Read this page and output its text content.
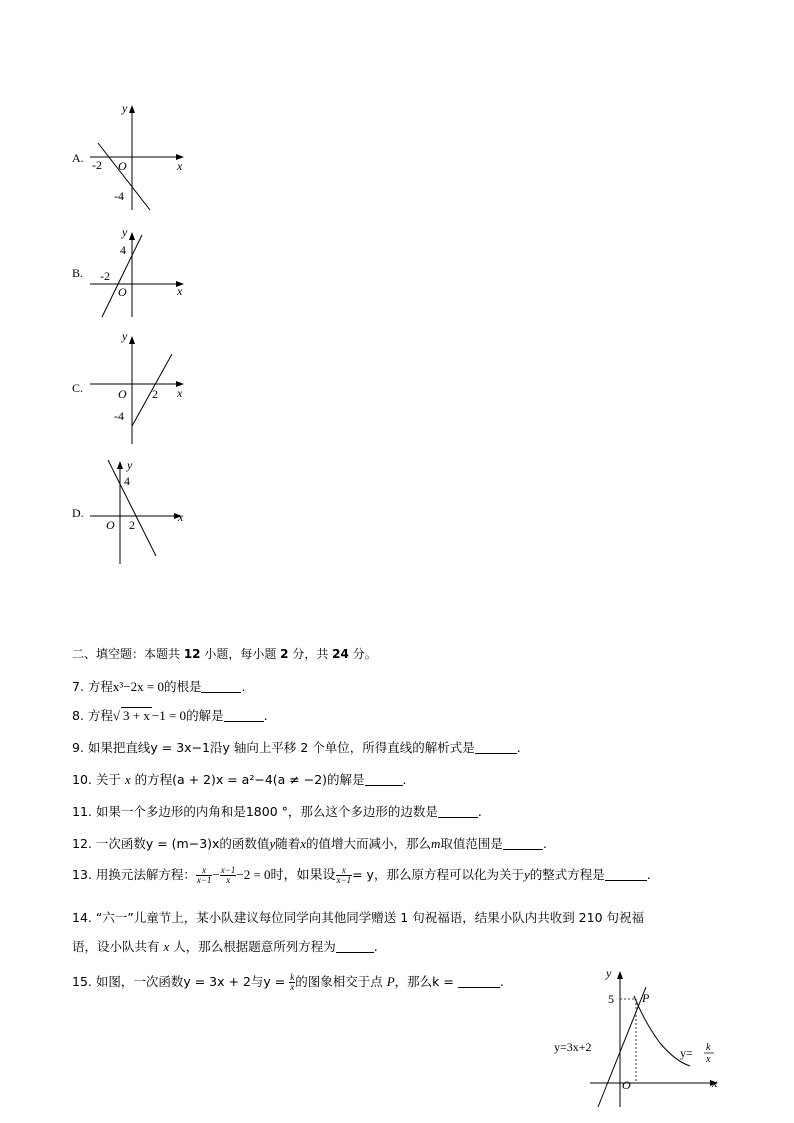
A.
y
x
O
-2
-4
B.
y
x
O
-2
4
C.
y
x
O 2
-4
D.
y
x
O 2
4
二、填空题：本题共 12 小题，每小题 2 分，共 24 分。
7. 方程x³−2x = 0的根是	.
8. 方程√ 3 + x −1 = 0的解是	.
9. 如果把直线y = 3x−1沿y 轴向上平移 2 个单位，所得直线的解析式是	.
10. 关于 x 的方程(a + 2)x = a²−4(a ≠ −2)的解是	.
11. 如果一个多边形的内角和是1800 °，那么这个多边形的边数是	.
12. 一次函数y = (m−3)x的函数值y随着x的值增大而减小，那么m取值范围是	.
13. 用换元法解方程： $\frac{x}{x-1} - \frac{x-1}{x} -2 = 0$时，如果设 $\frac{x}{x-1} = y$，那么原方程可以化为关于y的整式方程是	.
14. “六一”儿童节上，某小队建议每位同学向其他同学赠送 1 句祝福语，结果小队内共收到 210 句祝福
语，设小队共有 x 人，那么根据题意所列方程为	.
15. 如图，一次函数y = 3x + 2与$y = \frac{k}{x}$ 的图象相交于点 P，那么k =	.
y
x
O
5 P
y=3x+2	y= k
x
